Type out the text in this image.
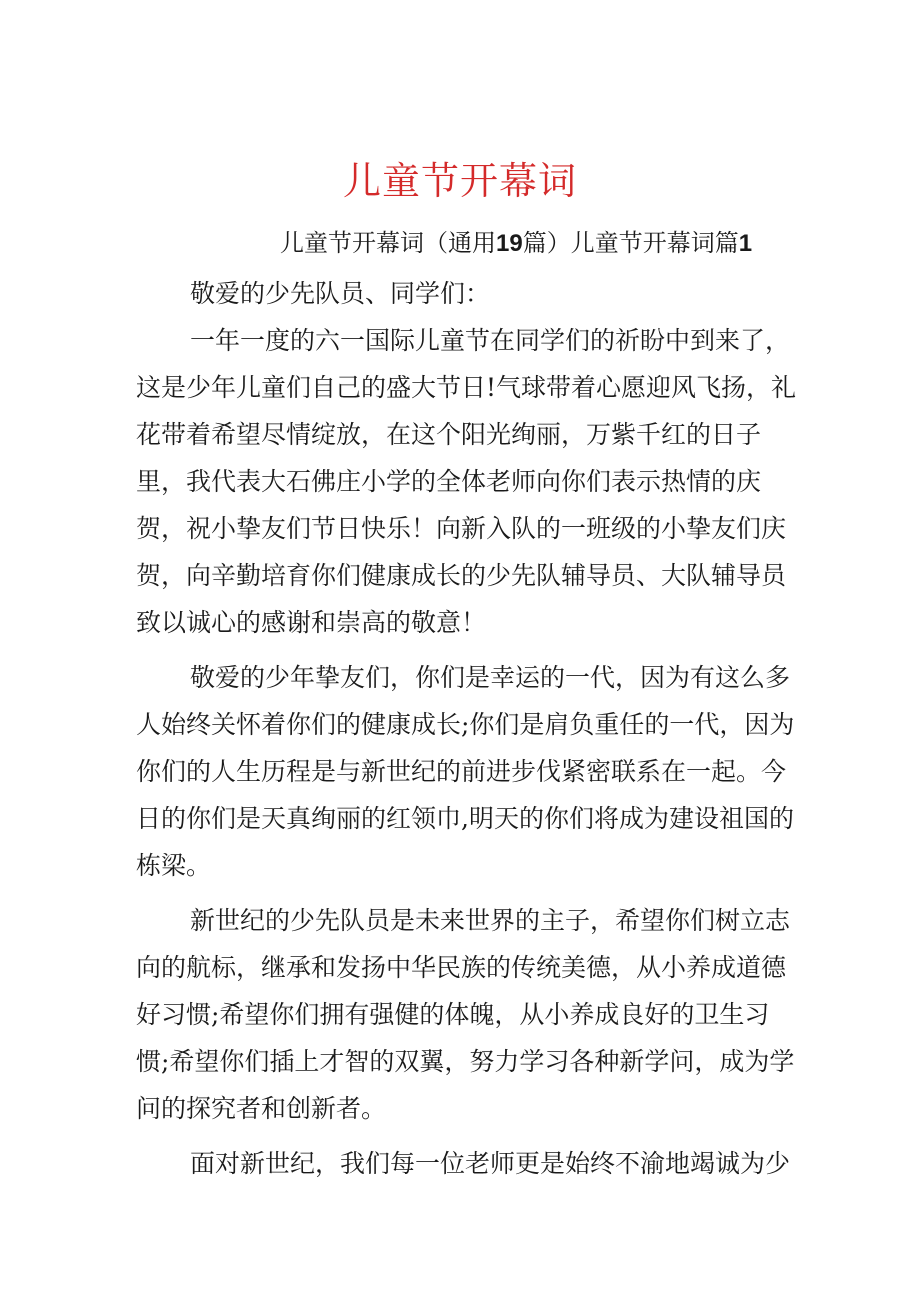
儿童节开幕词
儿童节开幕词（通用19篇）儿童节开幕词篇1
敬爱的少先队员、同学们：
一年一度的六一国际儿童节在同学们的祈盼中到来了，
这是少年儿童们自己的盛大节日!气球带着心愿迎风飞扬，礼
花带着希望尽情绽放，在这个阳光绚丽，万紫千红的日子
里，我代表大石佛庄小学的全体老师向你们表示热情的庆
贺，祝小挚友们节日快乐！向新入队的一班级的小挚友们庆
贺，向辛勤培育你们健康成长的少先队辅导员、大队辅导员
致以诚心的感谢和崇高的敬意！
敬爱的少年挚友们，你们是幸运的一代，因为有这么多
人始终关怀着你们的健康成长;你们是肩负重任的一代，因为
你们的人生历程是与新世纪的前进步伐紧密联系在一起。今
日的你们是天真绚丽的红领巾,明天的你们将成为建设祖国的
栋梁。
新世纪的少先队员是未来世界的主子，希望你们树立志
向的航标，继承和发扬中华民族的传统美德，从小养成道德
好习惯;希望你们拥有强健的体魄，从小养成良好的卫生习
惯;希望你们插上才智的双翼，努力学习各种新学问，成为学
问的探究者和创新者。
面对新世纪，我们每一位老师更是始终不渝地竭诚为少
